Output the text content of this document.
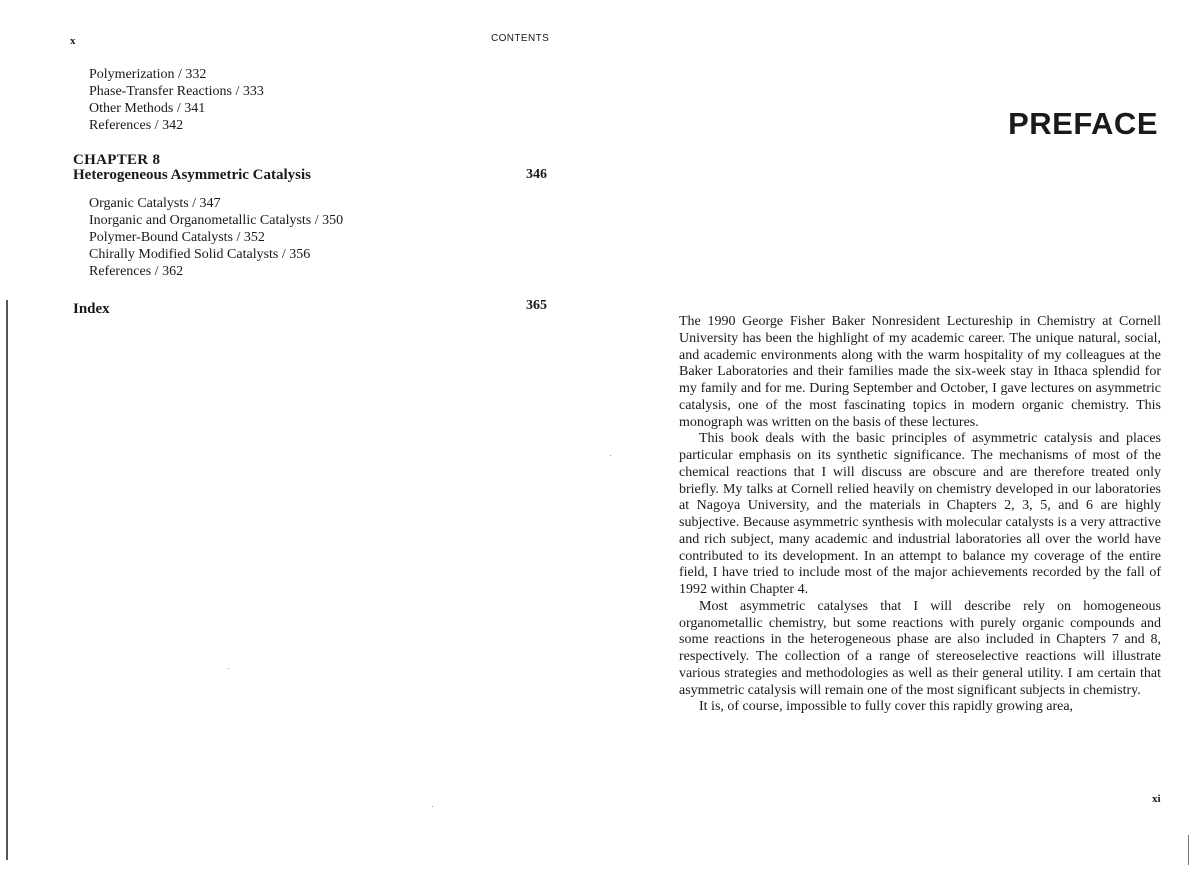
x	CONTENTS
Polymerization / 332
Phase-Transfer Reactions / 333
Other Methods / 341
References / 342
CHAPTER 8
Heterogeneous Asymmetric Catalysis	346
Organic Catalysts / 347
Inorganic and Organometallic Catalysts / 350
Polymer-Bound Catalysts / 352
Chirally Modified Solid Catalysts / 356
References / 362
Index	365
PREFACE

The 1990 George Fisher Baker Nonresident Lectureship in Chemistry at Cornell University has been the highlight of my academic career. The unique natural, social, and academic environments along with the warm hospitality of my colleagues at the Baker Laboratories and their families made the six-week stay in Ithaca splendid for my family and for me. During September and October, I gave lectures on asymmetric catalysis, one of the most fascinating topics in modern organic chemistry. This monograph was written on the basis of these lectures.

This book deals with the basic principles of asymmetric catalysis and places particular emphasis on its synthetic significance. The mechanisms of most of the chemical reactions that I will discuss are obscure and are therefore treated only briefly. My talks at Cornell relied heavily on chemistry developed in our laboratories at Nagoya University, and the materials in Chapters 2, 3, 5, and 6 are highly subjective. Because asymmetric synthesis with molecular catalysts is a very attractive and rich subject, many academic and industrial laboratories all over the world have contributed to its development. In an attempt to balance my coverage of the entire field, I have tried to include most of the major achievements recorded by the fall of 1992 within Chapter 4.

Most asymmetric catalyses that I will describe rely on homogeneous organometallic chemistry, but some reactions with purely organic compounds and some reactions in the heterogeneous phase are also included in Chapters 7 and 8, respectively. The collection of a range of stereoselective reactions will illustrate various strategies and methodologies as well as their general utility. I am certain that asymmetric catalysis will remain one of the most significant subjects in chemistry.

It is, of course, impossible to fully cover this rapidly growing area,

xi
